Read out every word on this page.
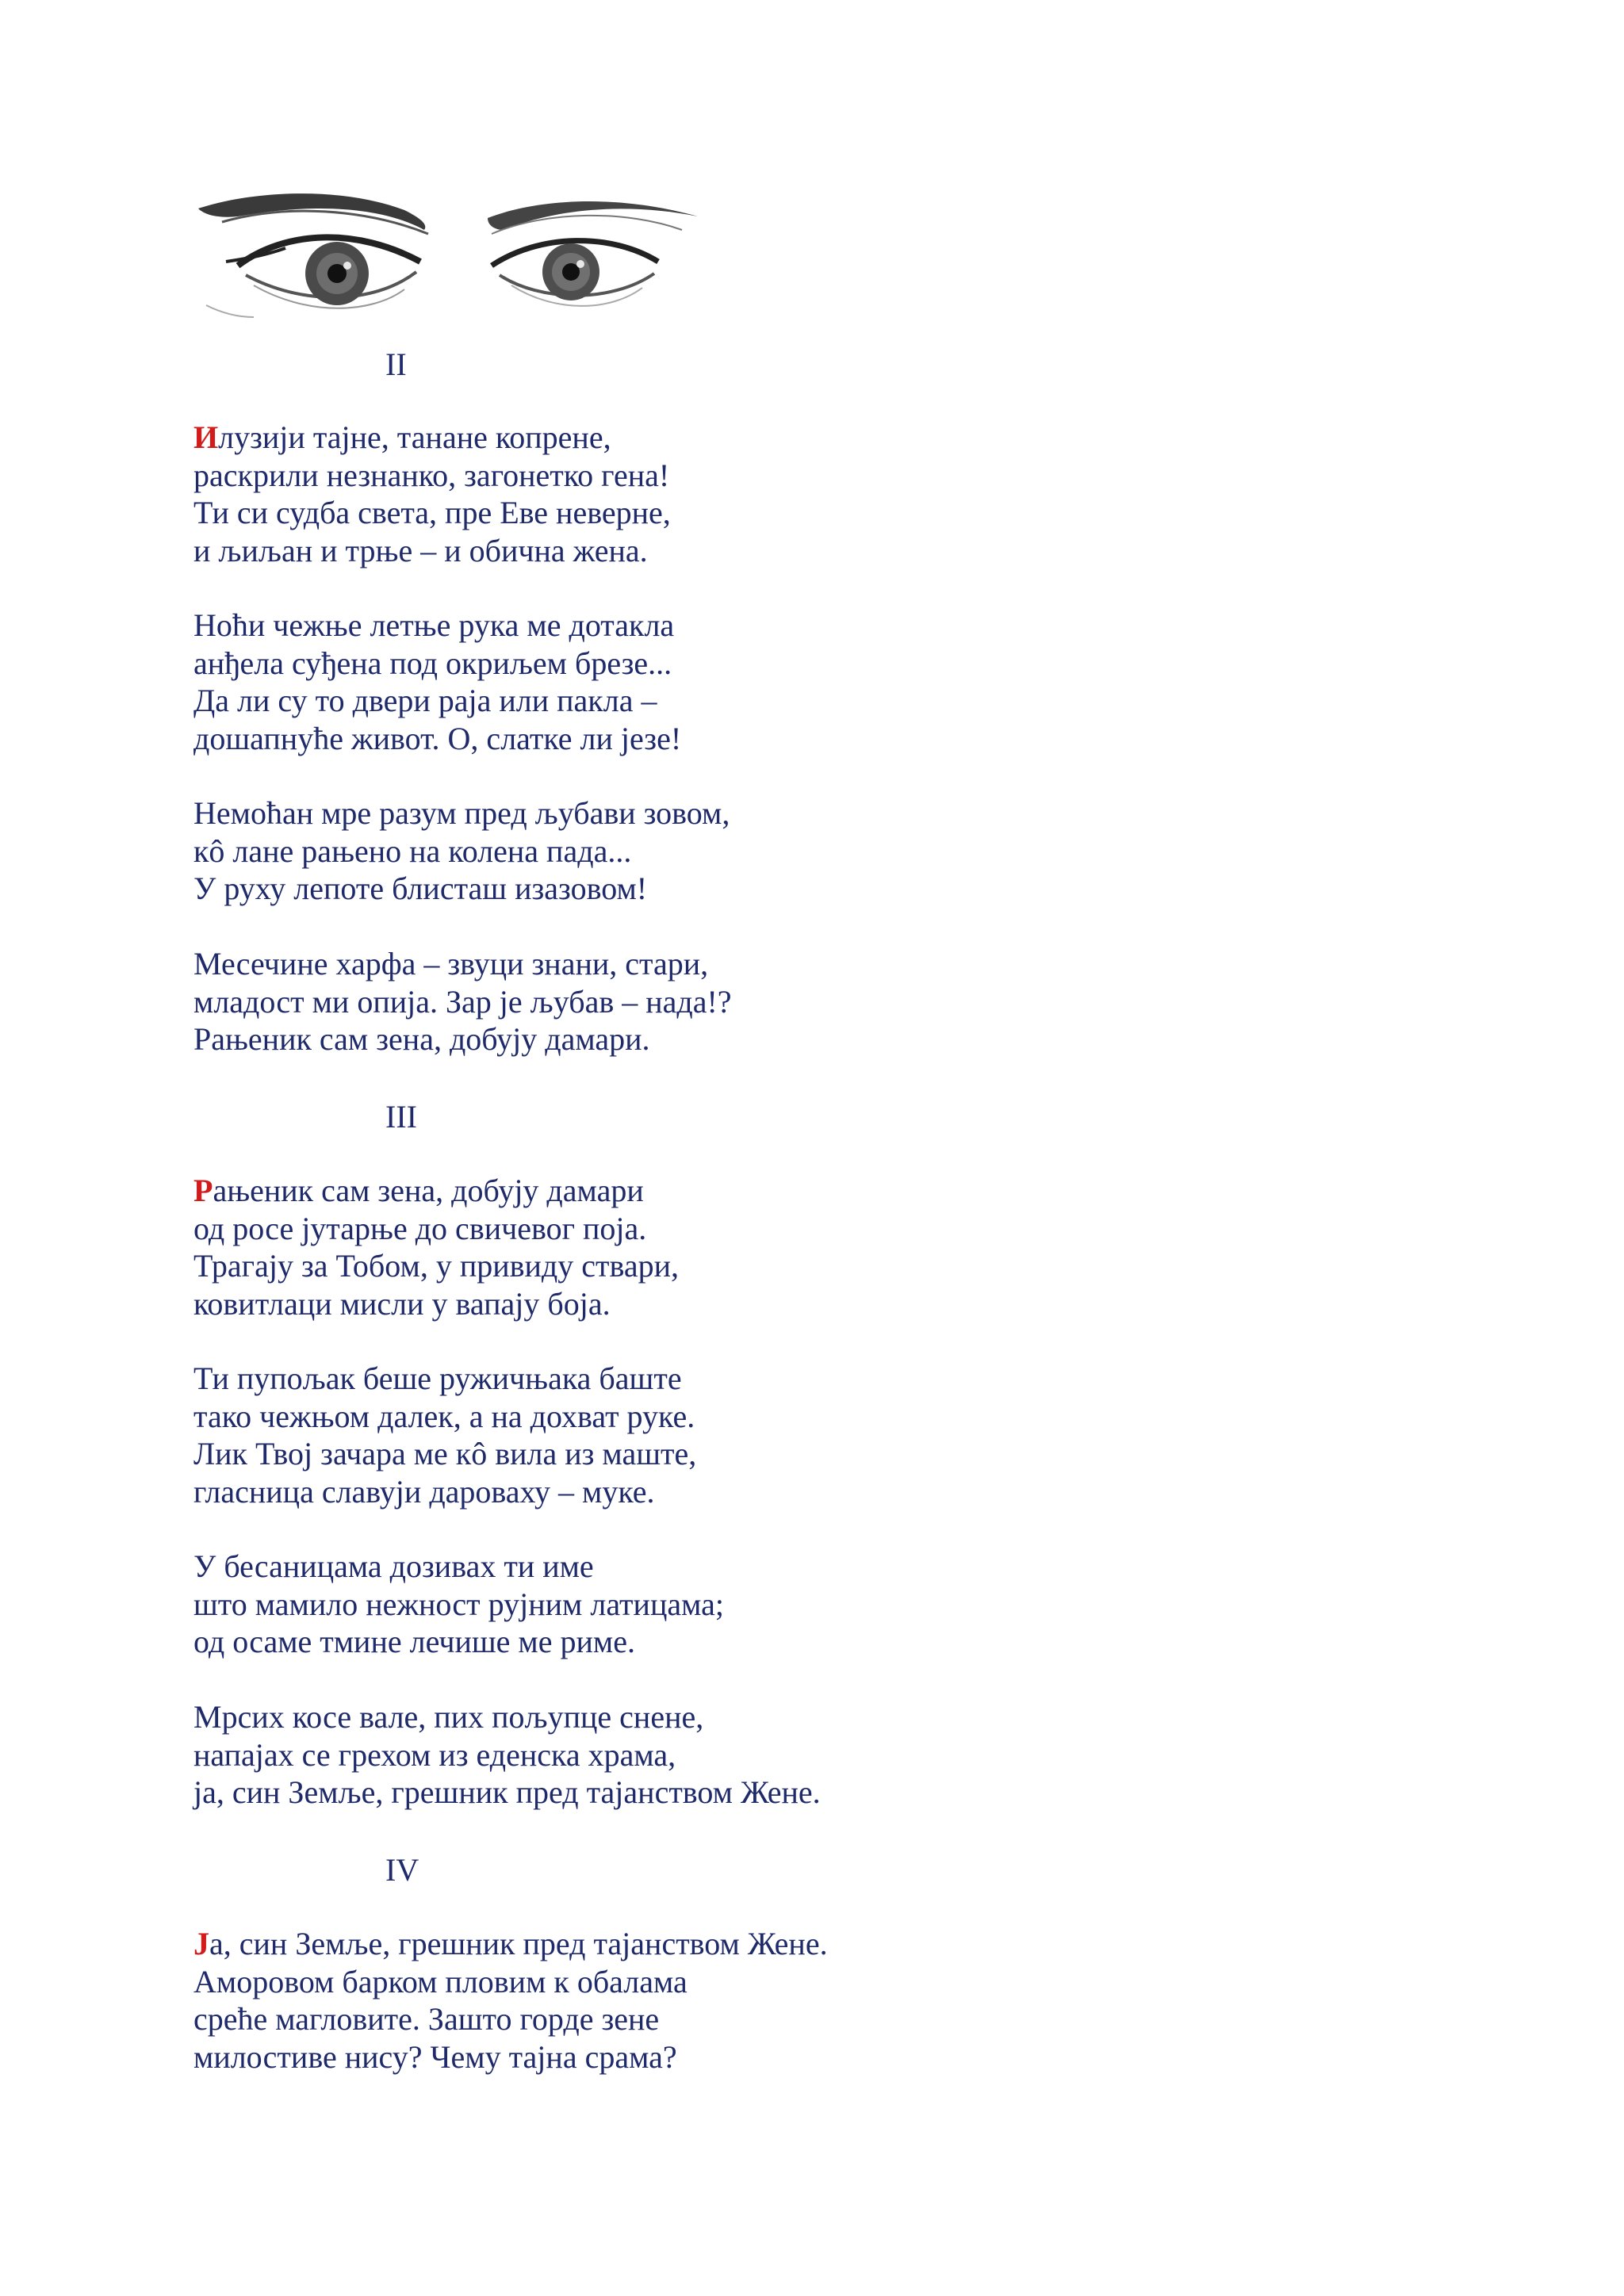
II

Илузији тајне, танане копрене,
раскрили незнанко, загонетко гена!
Ти си судба света, пре Еве неверне,
и љиљан и трње – и обична жена.
Ноћи чежње летње рука ме дотакла
анђела суђена под окриљем брезе...
Да ли су то двери раја или пакла –
дошапнуће живот. О, слатке ли језе!
Немоћан мре разум пред љубави зовом,
кô лане рањено на колена пада...
У руху лепоте блисташ изазовом!
Месечине харфа – звуци знани, стари,
младост ми опија. Зар је љубав – нада!?
Рањеник сам зена, добују дамари.

III

Рањеник сам зена, добују дамари
од росе јутарње до свичевог поја.
Трагају за Тобом, у привиду ствари,
ковитлаци мисли у вапају боја.
Ти пупољак беше ружичњака баште
тако чежњом далек, а на дохват руке.
Лик Твој зачара ме кô вила из маште,
гласница славуји дароваху – муке.
У бесаницама дозивах ти име
што мамило нежност рујним латицама;
од осаме тмине лечише ме риме.
Мрсих косе вале, пих пољупце снене,
напајах се грехом из еденска храма,
ја, син Земље, грешник пред тајанством Жене.

IV

Ја, син Земље, грешник пред тајанством Жене.
Аморовом барком пловим к обалама
среће магловите. Зашто горде зене
милостиве нису? Чему тајна срама?
